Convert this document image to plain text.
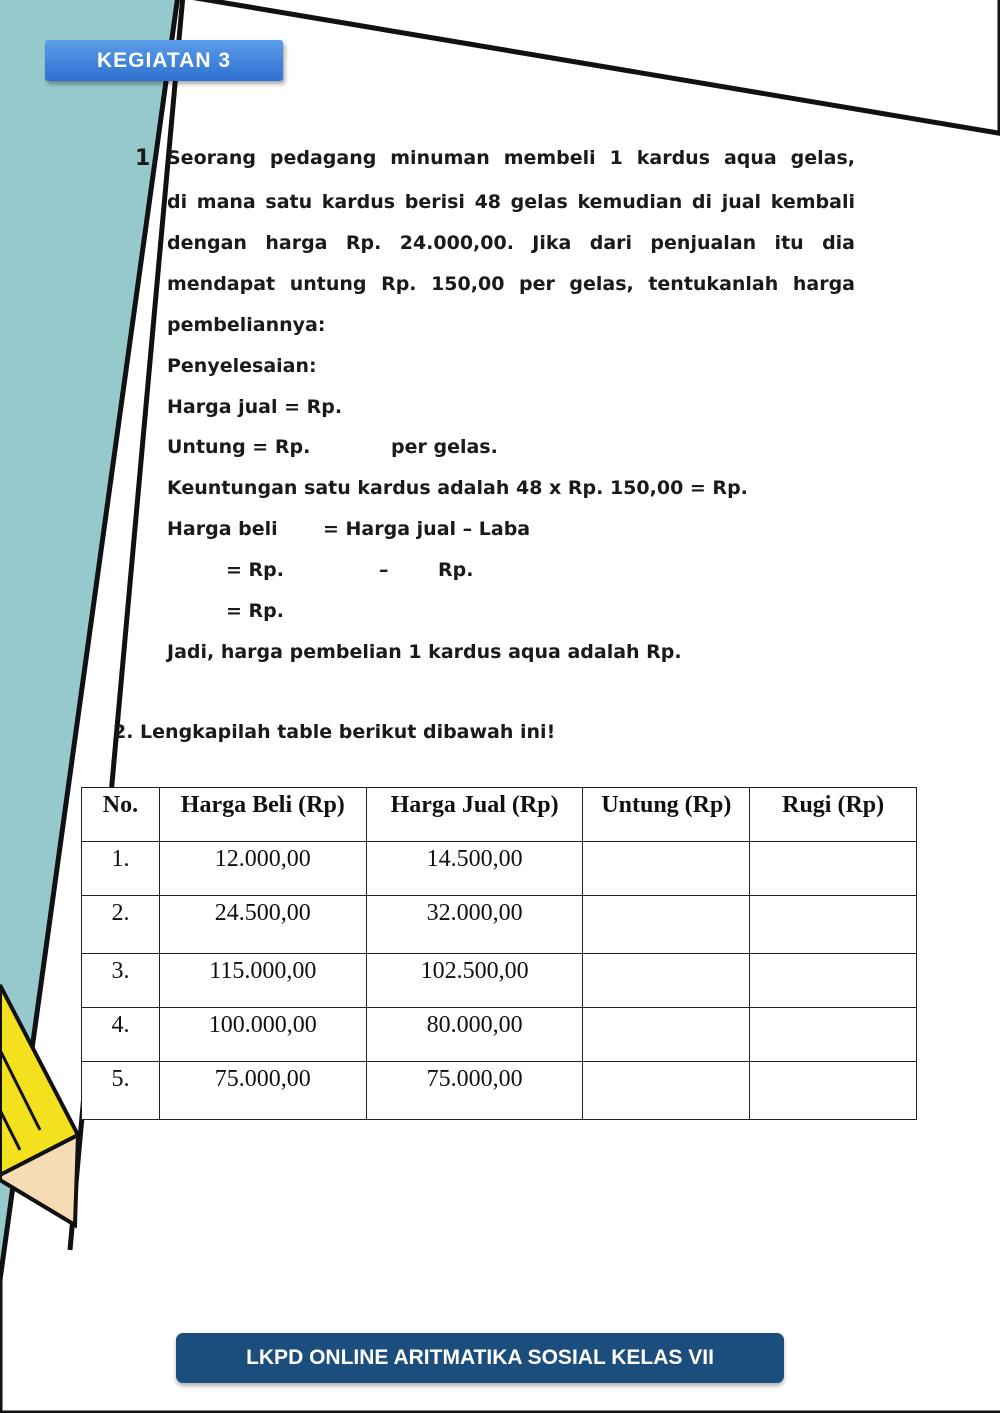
KEGIATAN 3
1. Seorang pedagang minuman membeli 1 kardus aqua gelas,
di mana satu kardus berisi 48 gelas kemudian di jual kembali
dengan harga Rp. 24.000,00. Jika dari penjualan itu dia
mendapat untung Rp. 150,00 per gelas, tentukanlah harga
pembeliannya:
Penyelesaian:
Harga jual = Rp.
Untung = Rp.	per gelas.
Keuntungan satu kardus adalah 48 x Rp. 150,00 = Rp.
Harga beli = Harga jual – Laba
= Rp.	–	Rp.
= Rp.
Jadi, harga pembelian 1 kardus aqua adalah Rp.
2. Lengkapilah table berikut dibawah ini!
No.	Harga Beli (Rp)	Harga Jual (Rp)	Untung (Rp)	Rugi (Rp)
1.	12.000,00	14.500,00		
2.	24.500,00	32.000,00		
3.	115.000,00	102.500,00		
4.	100.000,00	80.000,00		
5.	75.000,00	75.000,00		
LKPD ONLINE ARITMATIKA SOSIAL KELAS VII
